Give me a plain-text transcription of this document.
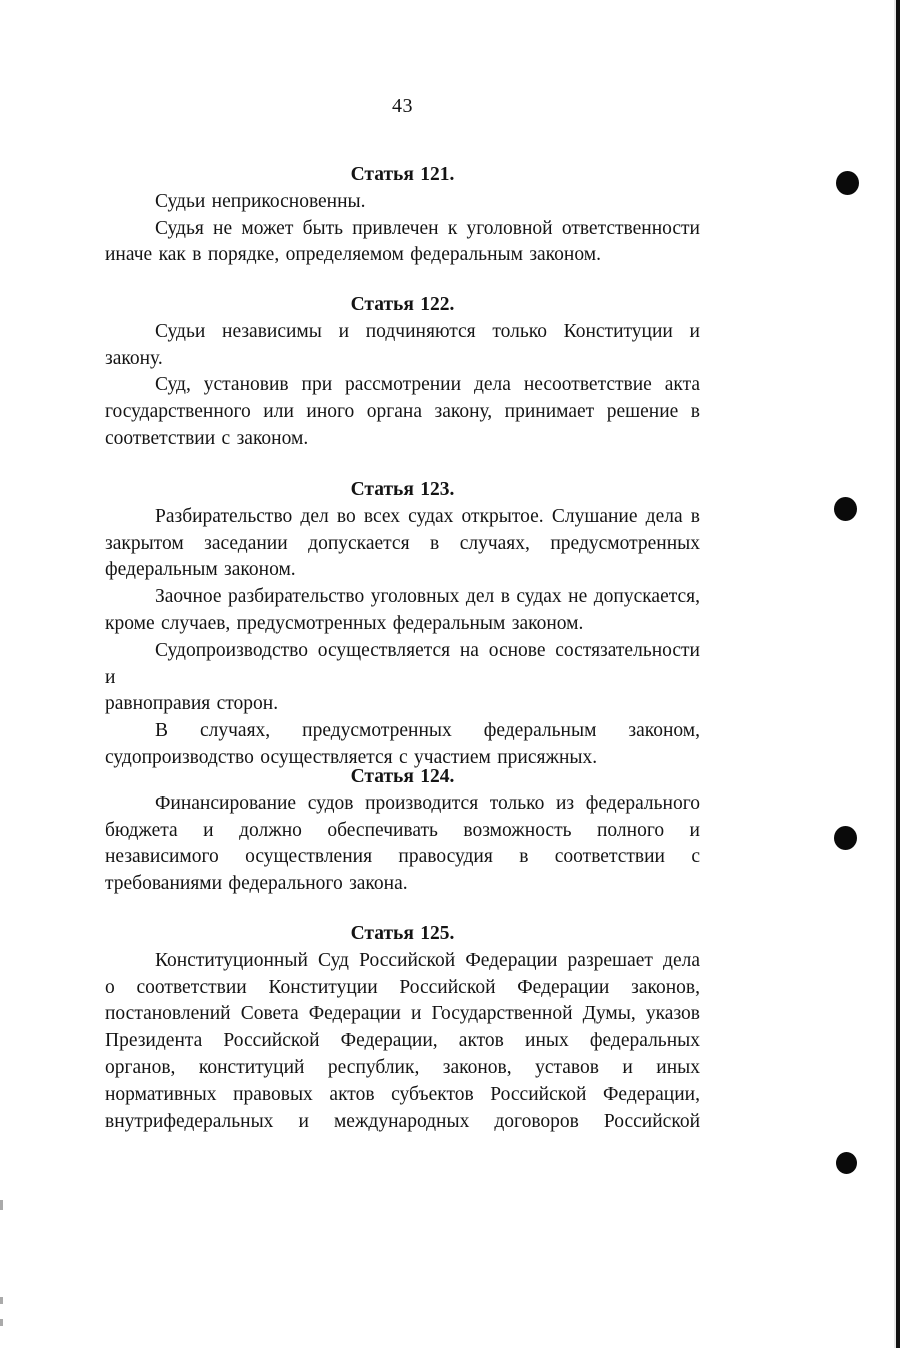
43
Статья 121.

Судьи неприкосновенны.

Судья не может быть привлечен к уголовной ответственности
иначе как в порядке, определяемом федеральным законом.

Статья 122.

Судьи независимы и подчиняются только Конституции и
закону.

Суд, установив при рассмотрении дела несоответствие акта
государственного или иного органа закону, принимает решение в
соответствии с законом.

Статья 123.

Разбирательство дел во всех судах открытое. Слушание дела в
закрытом заседании допускается в случаях, предусмотренных
федеральным законом.

Заочное разбирательство уголовных дел в судах не допускается,
кроме случаев, предусмотренных федеральным законом.

Судопроизводство осуществляется на основе состязательности и
равноправия сторон.

В случаях, предусмотренных федеральным законом,
судопроизводство осуществляется с участием присяжных.

Статья 124.

Финансирование судов производится только из федерального
бюджета и должно обеспечивать возможность полного и
независимого осуществления правосудия в соответствии с
требованиями федерального закона.

Статья 125.

Конституционный Суд Российской Федерации разрешает дела
о соответствии Конституции Российской Федерации законов,
постановлений Совета Федерации и Государственной Думы, указов
Президента Российской Федерации, актов иных федеральных
органов, конституций республик, законов, уставов и иных
нормативных правовых актов субъектов Российской Федерации,
внутрифедеральных и международных договоров Российской
